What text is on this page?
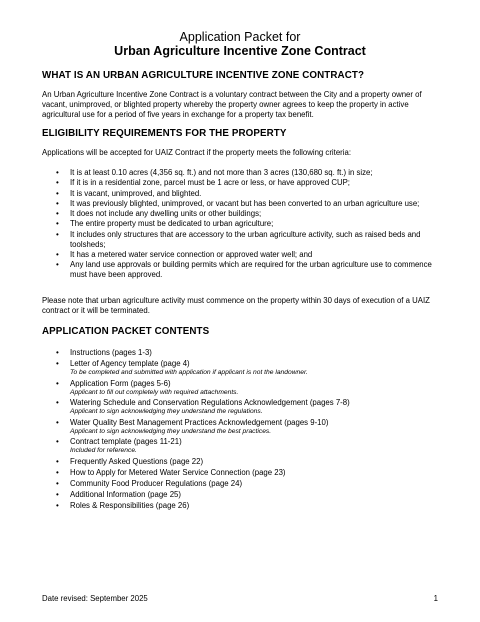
Application Packet for
Urban Agriculture Incentive Zone Contract
WHAT IS AN URBAN AGRICULTURE INCENTIVE ZONE CONTRACT?

An Urban Agriculture Incentive Zone Contract is a voluntary contract between the City and a property owner of vacant, unimproved, or blighted property whereby the property owner agrees to keep the property in active agricultural use for a period of five years in exchange for a property tax benefit.

ELIGIBILITY REQUIREMENTS FOR THE PROPERTY

Applications will be accepted for UAIZ Contract if the property meets the following criteria:

• It is at least 0.10 acres (4,356 sq. ft.) and not more than 3 acres (130,680 sq. ft.) in size;
• If it is in a residential zone, parcel must be 1 acre or less, or have approved CUP;
• It is vacant, unimproved, and blighted.
• It was previously blighted, unimproved, or vacant but has been converted to an urban agriculture use;
• It does not include any dwelling units or other buildings;
• The entire property must be dedicated to urban agriculture;
• It includes only structures that are accessory to the urban agriculture activity, such as raised beds and toolsheds;
• It has a metered water service connection or approved water well; and
• Any land use approvals or building permits which are required for the urban agriculture use to commence must have been approved.

Please note that urban agriculture activity must commence on the property within 30 days of execution of a UAIZ contract or it will be terminated.

APPLICATION PACKET CONTENTS
• Instructions (pages 1-3)
• Letter of Agency template (page 4)
To be completed and submitted with application if applicant is not the landowner.
• Application Form (pages 5-6)
Applicant to fill out completely with required attachments.
• Watering Schedule and Conservation Regulations Acknowledgement (pages 7-8)
Applicant to sign acknowledging they understand the regulations.
• Water Quality Best Management Practices Acknowledgement (pages 9-10)
Applicant to sign acknowledging they understand the best practices.
• Contract template (pages 11-21)
Included for reference.
• Frequently Asked Questions (page 22)
• How to Apply for Metered Water Service Connection (page 23)
• Community Food Producer Regulations (page 24)
• Additional Information (page 25)
• Roles & Responsibilities (page 26)
Date revised: September 2025	1
